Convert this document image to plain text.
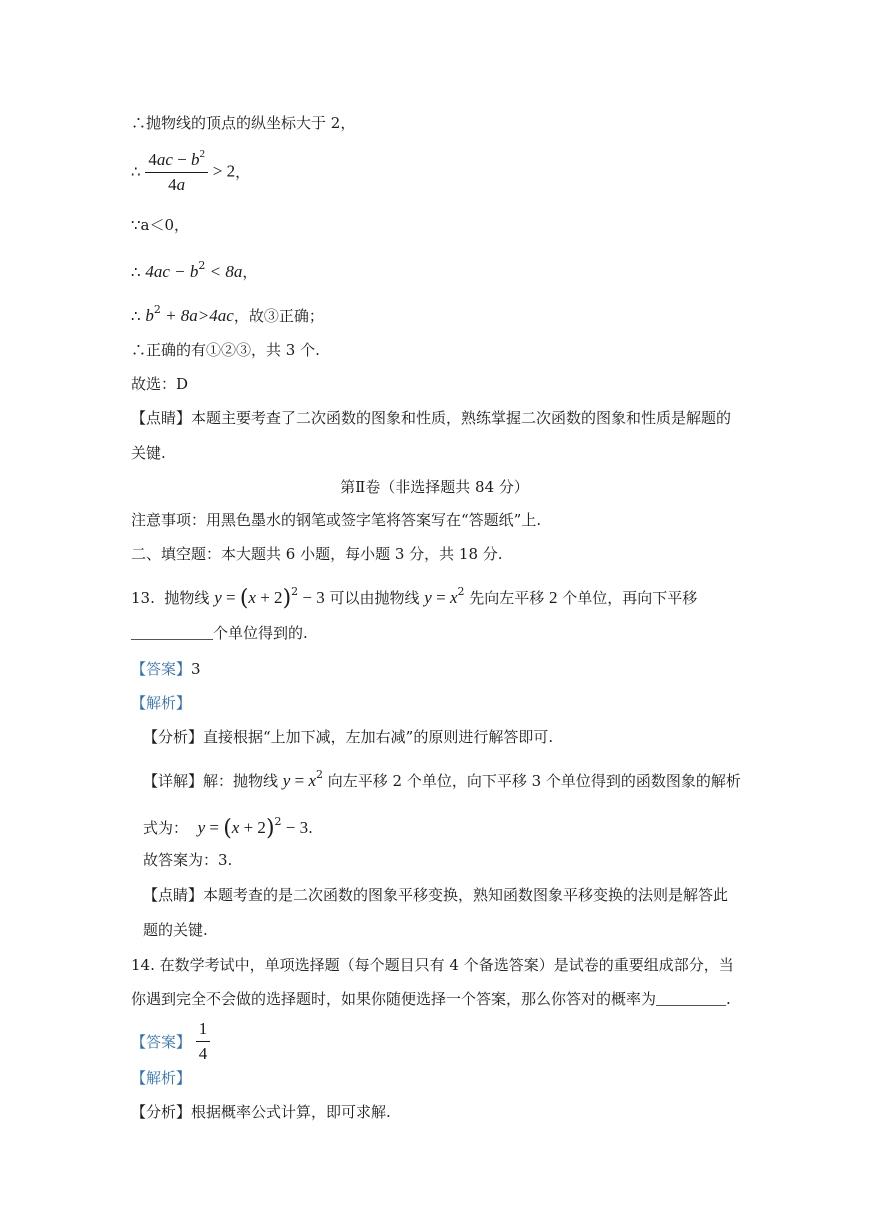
∴抛物线的顶点的纵坐标大于 2，
∴ $\frac{4ac - b^2}{4a} > 2$，
∵a＜0，
∴ $4ac - b^2 < 8a$，
∴ $b^2 + 8a>4ac$，故③正确；
∴正确的有①②③，共 3 个.
故选：D
【点睛】本题主要考查了二次函数的图象和性质，熟练掌握二次函数的图象和性质是解题的
关键.
第Ⅱ卷（非选择题共 84 分）
注意事项：用黑色墨水的钢笔或签字笔将答案写在“答题纸”上.
二、填空题：本大题共 6 小题，每小题 3 分，共 18 分.
13. 抛物线 $y = (x + 2)^2 - 3$ 可以由抛物线 $y = x^2$ 先向左平移 2 个单位，再向下平移
个单位得到的.
【答案】3
【解析】
【分析】直接根据“上加下减，左加右减”的原则进行解答即可.
【详解】解：抛物线 $y = x^2$ 向左平移 2 个单位，向下平移 3 个单位得到的函数图象的解析
式为： $y = (x + 2)^2 - 3$.
故答案为：3.
【点睛】本题考查的是二次函数的图象平移变换，熟知函数图象平移变换的法则是解答此
题的关键.
14. 在数学考试中，单项选择题（每个题目只有 4 个备选答案）是试卷的重要组成部分，当
你遇到完全不会做的选择题时，如果你随便选择一个答案，那么你答对的概率为	.
【答案】 $\frac{1}{4}$
【解析】
【分析】根据概率公式计算，即可求解.
